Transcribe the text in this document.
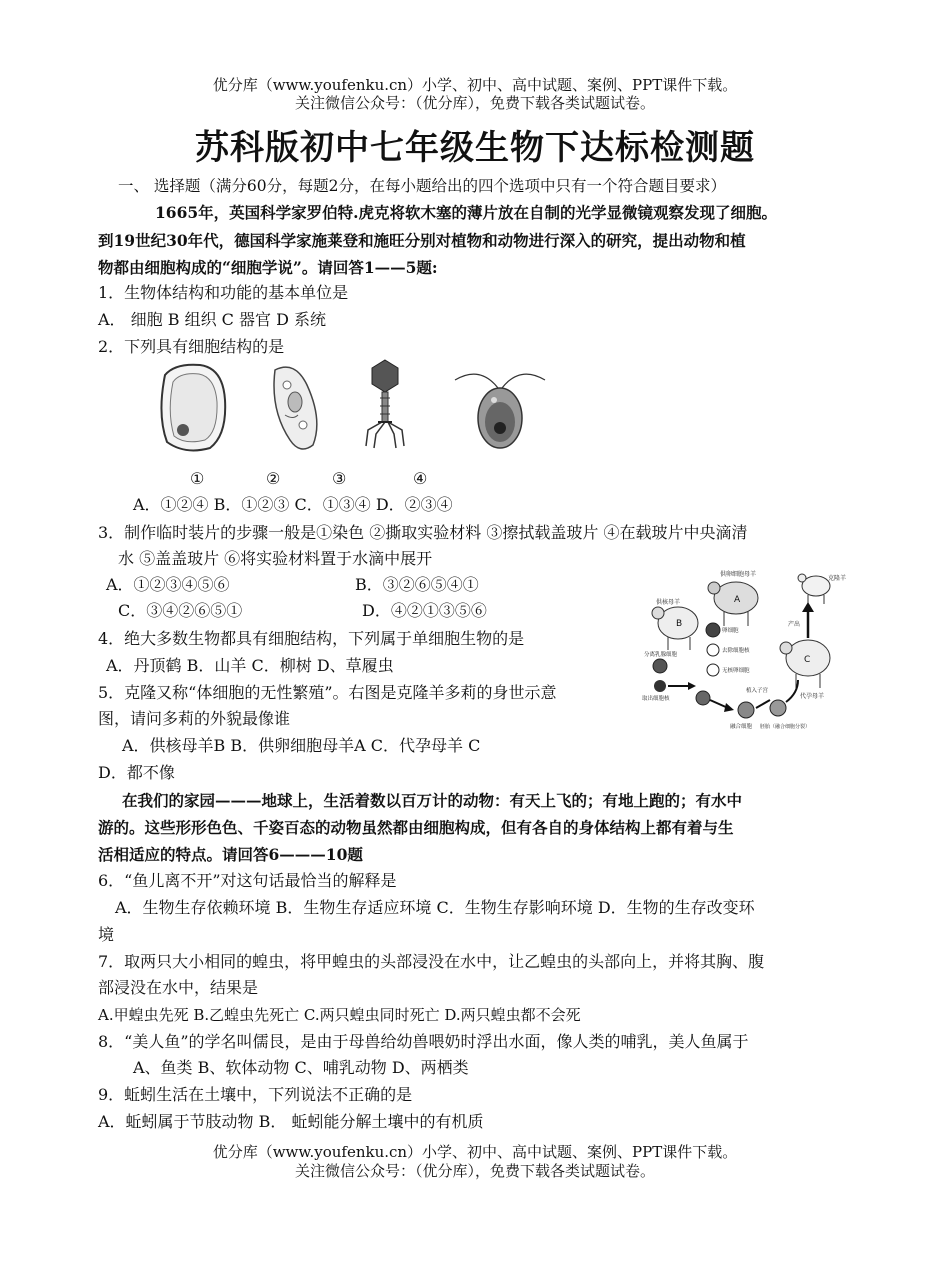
优分库（www.youfenku.cn）小学、初中、高中试题、案例、PPT课件下载。
关注微信公众号：（优分库），免费下载各类试题试卷。
苏科版初中七年级生物下达标检测题
一、 选择题（满分60分，每题2分，在每小题给出的四个选项中只有一个符合题目要求）
1665年，英国科学家罗伯特.虎克将软木塞的薄片放在自制的光学显微镜观察发现了细胞。
到19世纪30年代，德国科学家施莱登和施旺分别对植物和动物进行深入的研究，提出动物和植
物都由细胞构成的“细胞学说”。请回答1——5题:
1．生物体结构和功能的基本单位是
A． 细胞 B 组织 C 器官 D 系统
2．下列具有细胞结构的是
①	②	③	④
A．①②④ B．①②③ C．①③④ D．②③④
3．制作临时装片的步骤一般是①染色 ②撕取实验材料 ③擦拭载盖玻片 ④在载玻片中央滴清
水 ⑤盖盖玻片 ⑥将实验材料置于水滴中展开
A．①②③④⑤⑥	B．③②⑥⑤④①
C．③④②⑥⑤①	D．④②①③⑤⑥
4．绝大多数生物都具有细胞结构，下列属于单细胞生物的是
A．丹顶鹤 B．山羊 C．柳树 D、草履虫
5．克隆又称“体细胞的无性繁殖”。右图是克隆羊多莉的身世示意
图，请问多莉的外貌最像谁
A．供核母羊B B．供卵细胞母羊A C．代孕母羊 C
D．都不像
A
供卵细胞母羊
B
供核母羊
克隆羊
C
代孕母羊
产出
卵细胞
去除细胞核
无核卵细胞
分离乳腺细胞
取出细胞核
融合细胞 胚胎（融合细胞分裂）
植入子宫
在我们的家园———地球上，生活着数以百万计的动物：有天上飞的；有地上跑的；有水中
游的。这些形形色色、千姿百态的动物虽然都由细胞构成，但有各自的身体结构上都有着与生
活相适应的特点。请回答6———10题
6．“鱼儿离不开”对这句话最恰当的解释是
A．生物生存依赖环境 B．生物生存适应环境 C．生物生存影响环境 D．生物的生存改变环
境
7．取两只大小相同的蝗虫，将甲蝗虫的头部浸没在水中，让乙蝗虫的头部向上，并将其胸、腹
部浸没在水中，结果是
A.甲蝗虫先死 B.乙蝗虫先死亡 C.两只蝗虫同时死亡 D.两只蝗虫都不会死
8．“美人鱼”的学名叫儒艮，是由于母兽给幼兽喂奶时浮出水面，像人类的哺乳，美人鱼属于
A、鱼类 B、软体动物 C、哺乳动物 D、两栖类
9．蚯蚓生活在土壤中，下列说法不正确的是
A．蚯蚓属于节肢动物 B． 蚯蚓能分解土壤中的有机质
优分库（www.youfenku.cn）小学、初中、高中试题、案例、PPT课件下载。
关注微信公众号：（优分库），免费下载各类试题试卷。
